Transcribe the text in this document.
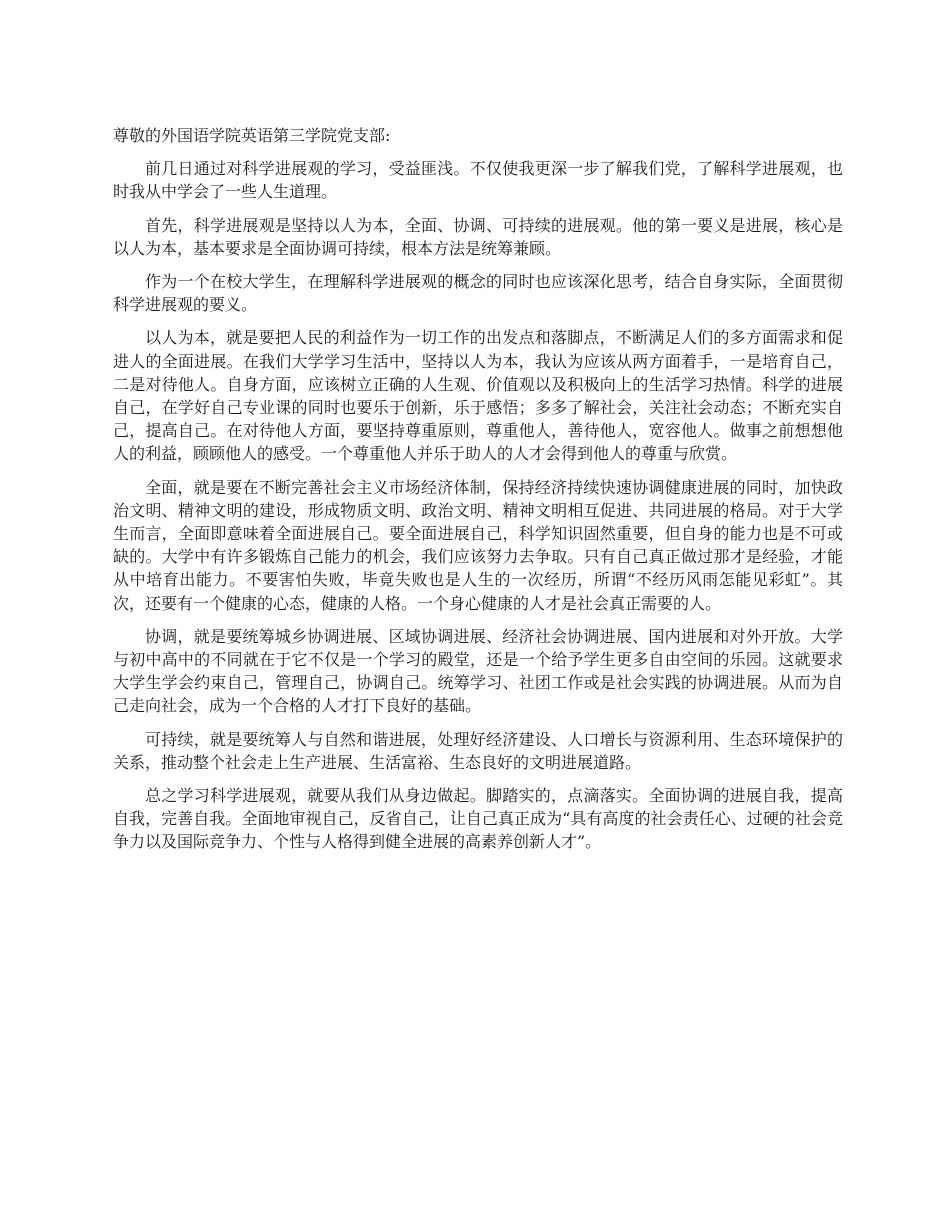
尊敬的外国语学院英语第三学院党支部:

前几日通过对科学进展观的学习，受益匪浅。不仅使我更深一步了解我们党，了解科学进展观，也时我从中学会了一些人生道理。

首先，科学进展观是坚持以人为本，全面、协调、可持续的进展观。他的第一要义是进展，核心是以人为本，基本要求是全面协调可持续，根本方法是统筹兼顾。

作为一个在校大学生，在理解科学进展观的概念的同时也应该深化思考，结合自身实际，全面贯彻科学进展观的要义。

以人为本，就是要把人民的利益作为一切工作的出发点和落脚点，不断满足人们的多方面需求和促进人的全面进展。在我们大学学习生活中，坚持以人为本，我认为应该从两方面着手，一是培育自己，二是对待他人。自身方面，应该树立正确的人生观、价值观以及积极向上的生活学习热情。科学的进展自己，在学好自己专业课的同时也要乐于创新，乐于感悟；多多了解社会，关注社会动态；不断充实自己，提高自己。在对待他人方面，要坚持尊重原则，尊重他人，善待他人，宽容他人。做事之前想想他人的利益，顾顾他人的感受。一个尊重他人并乐于助人的人才会得到他人的尊重与欣赏。

全面，就是要在不断完善社会主义市场经济体制，保持经济持续快速协调健康进展的同时，加快政治文明、精神文明的建设，形成物质文明、政治文明、精神文明相互促进、共同进展的格局。对于大学生而言，全面即意味着全面进展自己。要全面进展自己，科学知识固然重要，但自身的能力也是不可或缺的。大学中有许多锻炼自己能力的机会，我们应该努力去争取。只有自己真正做过那才是经验，才能从中培育出能力。不要害怕失败，毕竟失败也是人生的一次经历，所谓“不经历风雨怎能见彩虹”。其次，还要有一个健康的心态，健康的人格。一个身心健康的人才是社会真正需要的人。

协调，就是要统筹城乡协调进展、区域协调进展、经济社会协调进展、国内进展和对外开放。大学与初中高中的不同就在于它不仅是一个学习的殿堂，还是一个给予学生更多自由空间的乐园。这就要求大学生学会约束自己，管理自己，协调自己。统筹学习、社团工作或是社会实践的协调进展。从而为自己走向社会，成为一个合格的人才打下良好的基础。

可持续，就是要统筹人与自然和谐进展，处理好经济建设、人口增长与资源利用、生态环境保护的关系，推动整个社会走上生产进展、生活富裕、生态良好的文明进展道路。

总之学习科学进展观，就要从我们从身边做起。脚踏实的，点滴落实。全面协调的进展自我，提高自我，完善自我。全面地审视自己，反省自己，让自己真正成为“具有高度的社会责任心、过硬的社会竞争力以及国际竞争力、个性与人格得到健全进展的高素养创新人才”。
